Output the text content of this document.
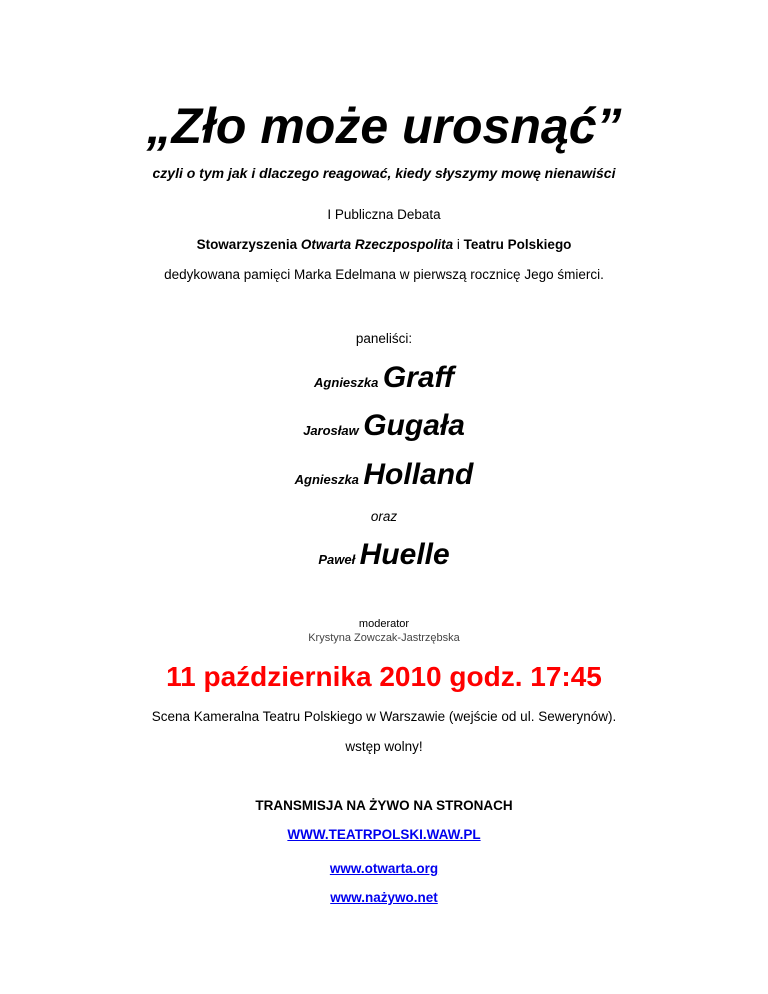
„Zło może urosnąć”
czyli o tym jak i dlaczego reagować, kiedy słyszymy mowę nienawiści
I Publiczna Debata
Stowarzyszenia Otwarta Rzeczpospolita i Teatru Polskiego
dedykowana pamięci Marka Edelmana w pierwszą rocznicę Jego śmierci.
paneliści:
Agnieszka Graff
Jarosław Gugała
Agnieszka Holland
oraz
Paweł Huelle
moderator
Krystyna Zowczak-Jastrzębska
11 października 2010 godz. 17:45
Scena Kameralna Teatru Polskiego w Warszawie (wejście od ul. Sewerynów).
wstęp wolny!
TRANSMISJA NA ŻYWO NA STRONACH
WWW.TEATRPOLSKI.WAW.PL
www.otwarta.org
www.nażywo.net
